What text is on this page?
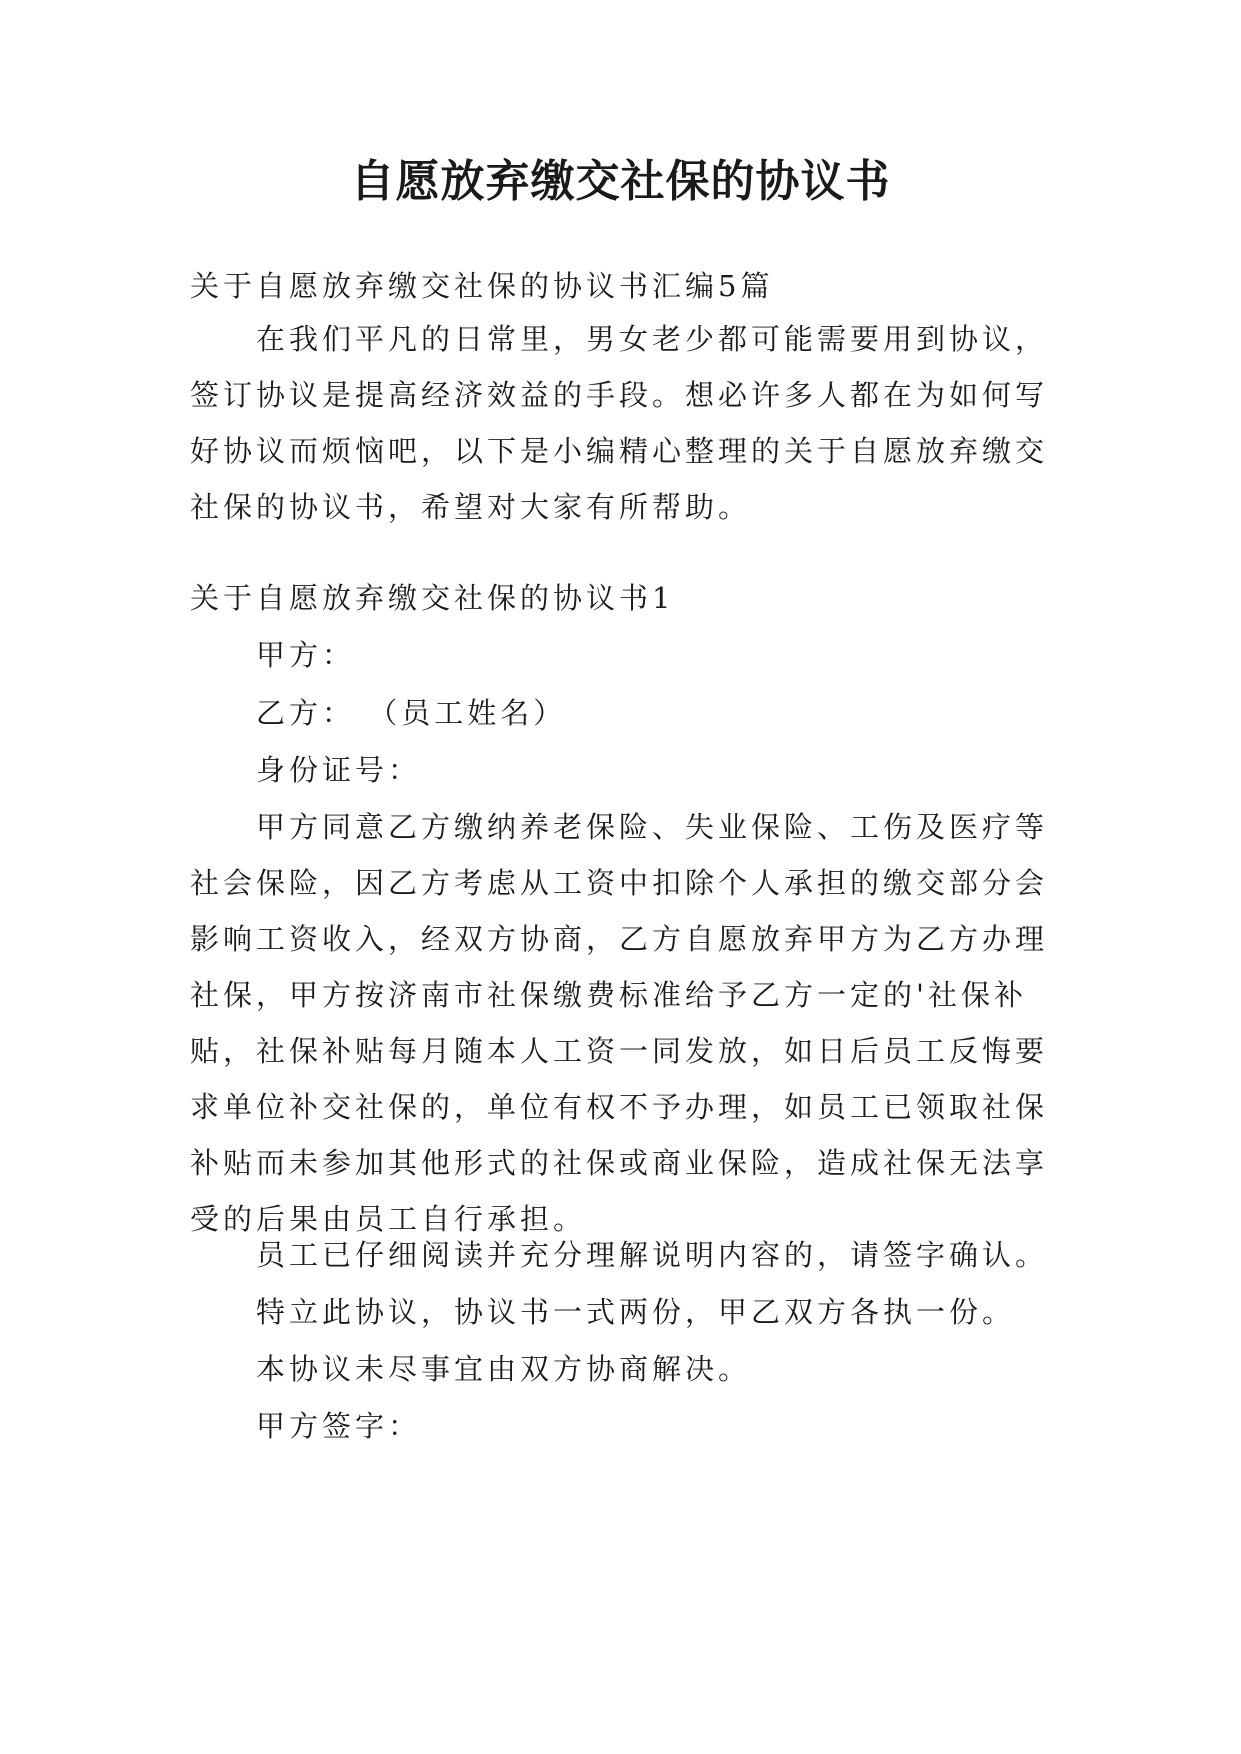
自愿放弃缴交社保的协议书

关于自愿放弃缴交社保的协议书汇编5篇

在我们平凡的日常里，男女老少都可能需要用到协议，签订协议是提高经济效益的手段。想必许多人都在为如何写好协议而烦恼吧，以下是小编精心整理的关于自愿放弃缴交社保的协议书，希望对大家有所帮助。

关于自愿放弃缴交社保的协议书1

甲方：

乙方： （员工姓名）

身份证号：

甲方同意乙方缴纳养老保险、失业保险、工伤及医疗等社会保险，因乙方考虑从工资中扣除个人承担的缴交部分会影响工资收入，经双方协商，乙方自愿放弃甲方为乙方办理社保，甲方按济南市社保缴费标准给予乙方一定的'社保补贴，社保补贴每月随本人工资一同发放，如日后员工反悔要求单位补交社保的，单位有权不予办理，如员工已领取社保补贴而未参加其他形式的社保或商业保险，造成社保无法享受的后果由员工自行承担。

员工已仔细阅读并充分理解说明内容的，请签字确认。

特立此协议，协议书一式两份，甲乙双方各执一份。

本协议未尽事宜由双方协商解决。

甲方签字：
